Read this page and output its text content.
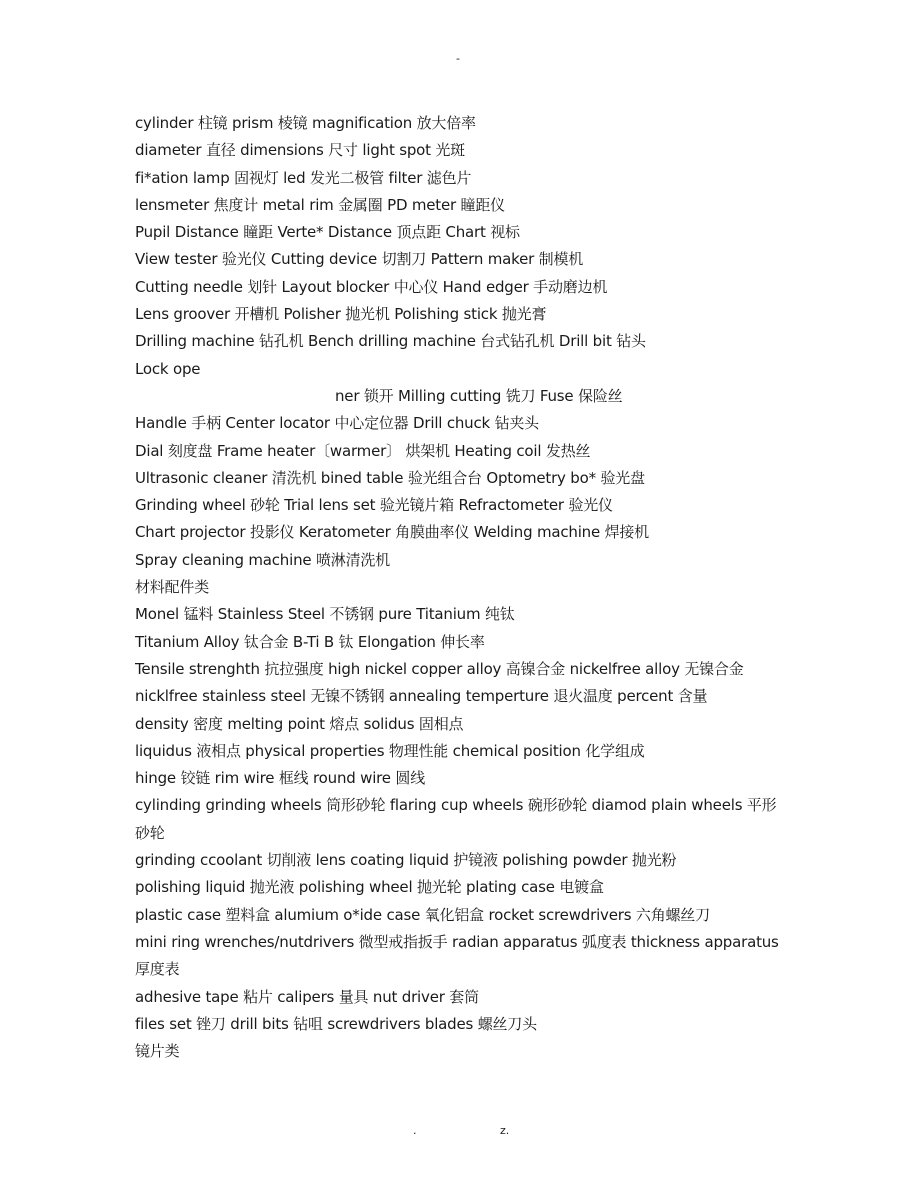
-
cylinder 柱镜 prism 棱镜 magnification 放大倍率
diameter 直径 dimensions 尺寸 light spot 光斑
fi*ation lamp 固视灯 led 发光二极管 filter 滤色片
lensmeter 焦度计 metal rim 金属圈 PD meter 瞳距仪
Pupil Distance 瞳距 Verte* Distance 顶点距 Chart 视标
View tester 验光仪 Cutting device 切割刀 Pattern maker 制模机
Cutting needle 划针 Layout blocker 中心仪 Hand edger 手动磨边机
Lens groover 开槽机 Polisher 抛光机 Polishing stick 抛光膏
Drilling machine 钻孔机 Bench drilling machine 台式钻孔机 Drill bit 钻头
Lock ope
ner 锁开 Milling cutting 铣刀 Fuse 保险丝
Handle 手柄 Center locator 中心定位器 Drill chuck 钻夹头
Dial 刻度盘 Frame heater〔warmer〕 烘架机 Heating coil 发热丝
Ultrasonic cleaner 清洗机 bined table 验光组合台 Optometry bo* 验光盘
Grinding wheel 砂轮 Trial lens set 验光镜片箱 Refractometer 验光仪
Chart projector 投影仪 Keratometer 角膜曲率仪 Welding machine 焊接机
Spray cleaning machine 喷淋清洗机
材料配件类
Monel 锰料 Stainless Steel 不锈钢 pure Titanium 纯钛
Titanium Alloy 钛合金 B-Ti B 钛 Elongation 伸长率
Tensile strenghth 抗拉强度 high nickel copper alloy 高镍合金 nickelfree alloy 无镍合金
nicklfree stainless steel 无镍不锈钢 annealing temperture 退火温度 percent 含量
density 密度 melting point 熔点 solidus 固相点
liquidus 液相点 physical properties 物理性能 chemical position 化学组成
hinge 铰链 rim wire 框线 round wire 圆线
cylinding grinding wheels 筒形砂轮 flaring cup wheels 碗形砂轮 diamod plain wheels 平形
砂轮
grinding ccoolant 切削液 lens coating liquid 护镜液 polishing powder 抛光粉
polishing liquid 抛光液 polishing wheel 抛光轮 plating case 电镀盒
plastic case 塑料盒 alumium o*ide case 氧化铝盒 rocket screwdrivers 六角螺丝刀
mini ring wrenches/nutdrivers 微型戒指扳手 radian apparatus 弧度表 thickness apparatus
厚度表
adhesive tape 粘片 calipers 量具 nut driver 套筒
files set 锉刀 drill bits 钻咀 screwdrivers blades 螺丝刀头
镜片类
.	z.
